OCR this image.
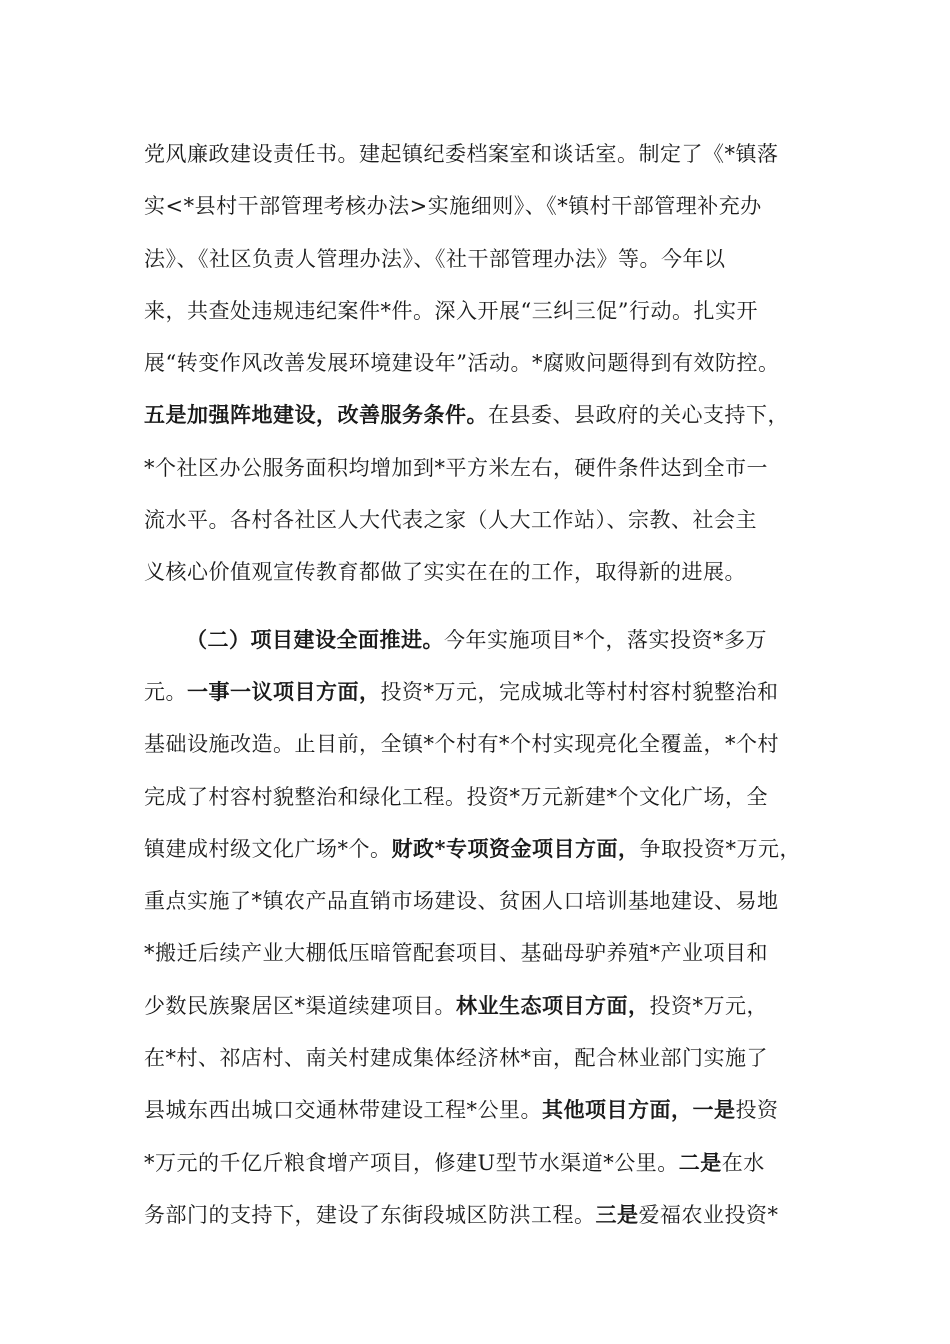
党风廉政建设责任书。建起镇纪委档案室和谈话室。制定了《*镇落
实<*县村干部管理考核办法>实施细则》、《*镇村干部管理补充办
法》、《社区负责人管理办法》、《社干部管理办法》等。今年以
来，共查处违规违纪案件*件。深入开展“三纠三促”行动。扎实开
展“转变作风改善发展环境建设年”活动。*腐败问题得到有效防控。
五是加强阵地建设，改善服务条件。在县委、县政府的关心支持下，
*个社区办公服务面积均增加到*平方米左右，硬件条件达到全市一
流水平。各村各社区人大代表之家（人大工作站）、宗教、社会主
义核心价值观宣传教育都做了实实在在的工作，取得新的进展。
（二）项目建设全面推进。今年实施项目*个，落实投资*多万
元。一事一议项目方面，投资*万元，完成城北等村村容村貌整治和
基础设施改造。止目前，全镇*个村有*个村实现亮化全覆盖，*个村
完成了村容村貌整治和绿化工程。投资*万元新建*个文化广场，全
镇建成村级文化广场*个。财政*专项资金项目方面，争取投资*万元，
重点实施了*镇农产品直销市场建设、贫困人口培训基地建设、易地
*搬迁后续产业大棚低压暗管配套项目、基础母驴养殖*产业项目和
少数民族聚居区*渠道续建项目。林业生态项目方面，投资*万元，
在*村、祁店村、南关村建成集体经济林*亩，配合林业部门实施了
县城东西出城口交通林带建设工程*公里。其他项目方面，一是投资
*万元的千亿斤粮食增产项目，修建U型节水渠道*公里。二是在水
务部门的支持下，建设了东街段城区防洪工程。三是爱福农业投资*
